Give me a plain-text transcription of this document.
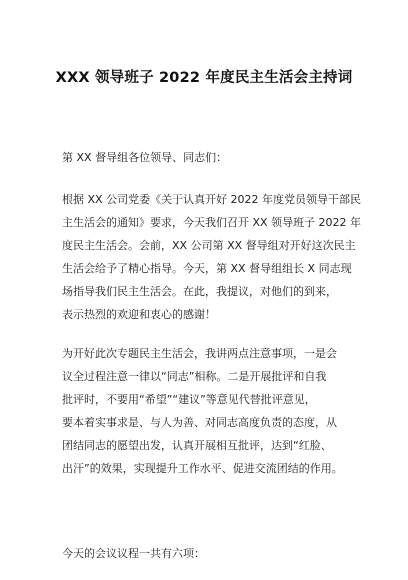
XXX 领导班子 2022 年度民主生活会主持词

第 XX 督导组各位领导、同志们：

根据 XX 公司党委《关于认真开好 2022 年度党员领导干部民
主生活会的通知》要求，今天我们召开 XX 领导班子 2022 年
度民主生活会。会前，XX 公司第 XX 督导组对开好这次民主
生活会给予了精心指导。今天，第 XX 督导组组长 X 同志现
场指导我们民主生活会。在此，我提议，对他们的到来，
表示热烈的欢迎和衷心的感谢！

为开好此次专题民主生活会，我讲两点注意事项，一是会
议全过程注意一律以“同志”相称。二是开展批评和自我
批评时，不要用“希望”“建议”等意见代替批评意见，
要本着实事求是、与人为善、对同志高度负责的态度，从
团结同志的愿望出发，认真开展相互批评，达到“红脸、
出汗”的效果，实现提升工作水平、促进交流团结的作用。

今天的会议议程一共有六项：
